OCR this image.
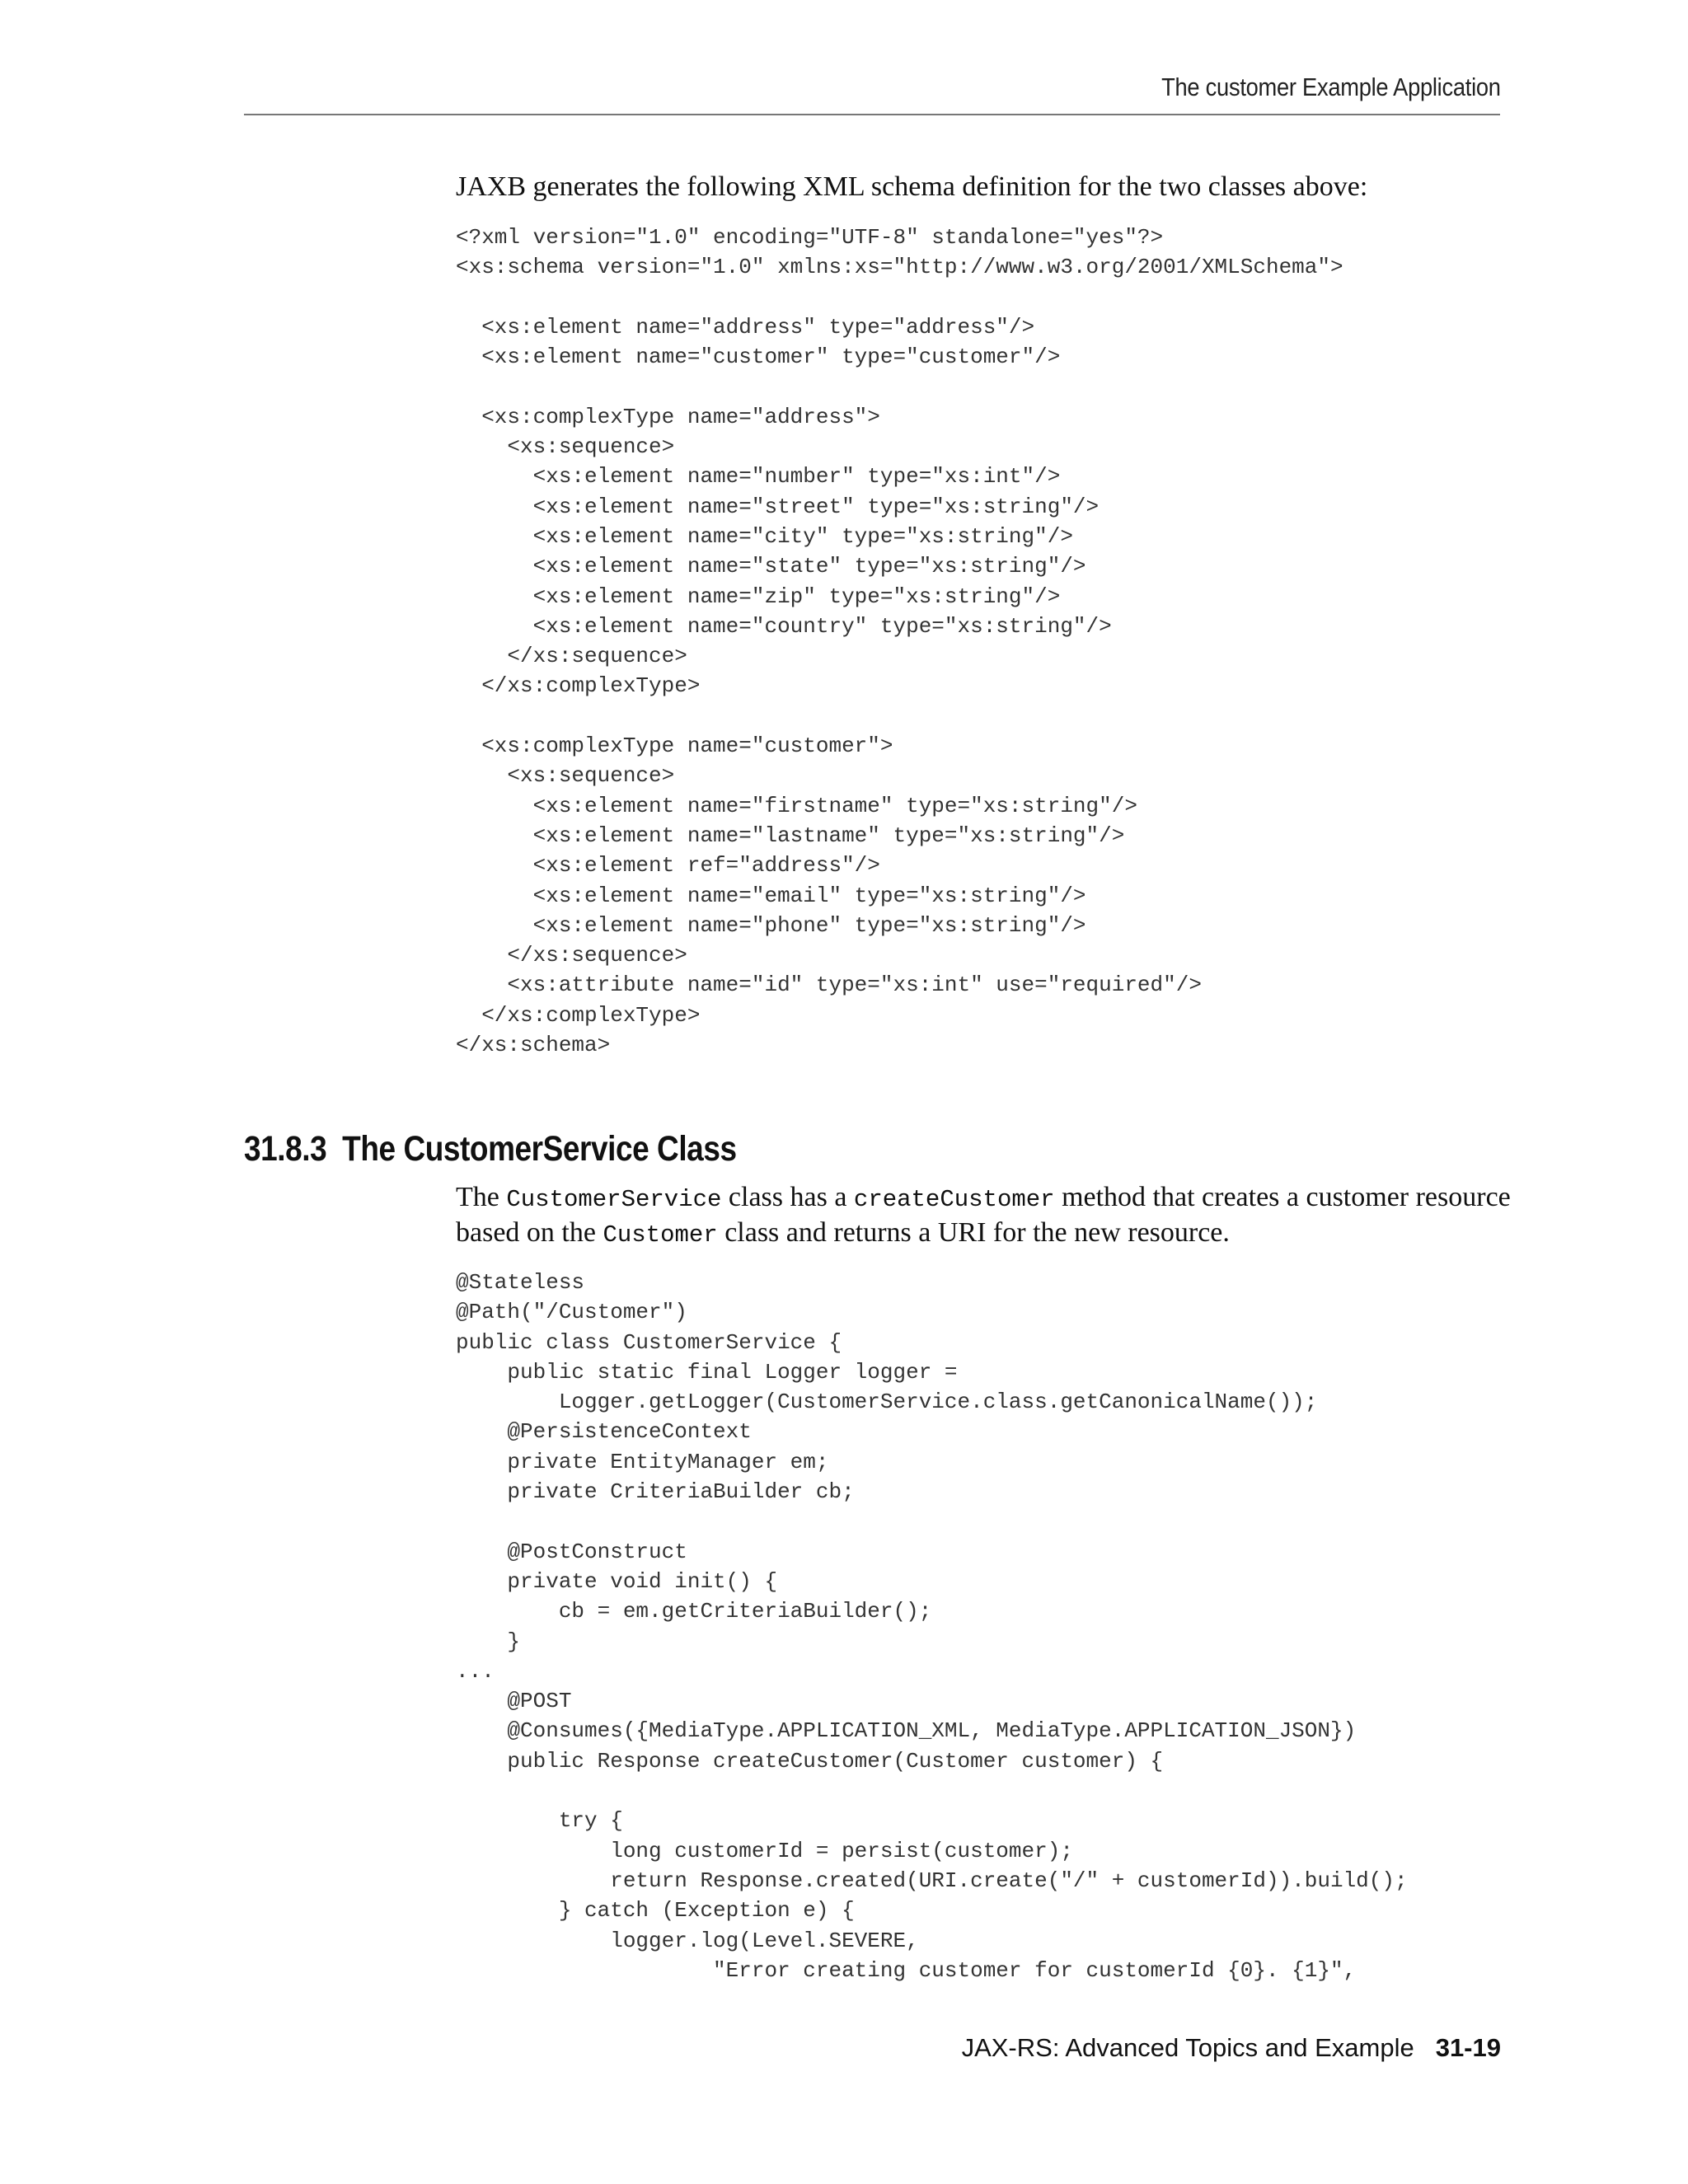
The customer Example Application

JAXB generates the following XML schema definition for the two classes above:

<?xml version="1.0" encoding="UTF-8" standalone="yes"?>
<xs:schema version="1.0" xmlns:xs="http://www.w3.org/2001/XMLSchema">

<xs:element name="address" type="address"/>
<xs:element name="customer" type="customer"/>

<xs:complexType name="address">
<xs:sequence>
<xs:element name="number" type="xs:int"/>
<xs:element name="street" type="xs:string"/>
<xs:element name="city" type="xs:string"/>
<xs:element name="state" type="xs:string"/>
<xs:element name="zip" type="xs:string"/>
<xs:element name="country" type="xs:string"/>
</xs:sequence>
</xs:complexType>

<xs:complexType name="customer">
<xs:sequence>
<xs:element name="firstname" type="xs:string"/>
<xs:element name="lastname" type="xs:string"/>
<xs:element ref="address"/>
<xs:element name="email" type="xs:string"/>
<xs:element name="phone" type="xs:string"/>
</xs:sequence>
<xs:attribute name="id" type="xs:int" use="required"/>
</xs:complexType>
</xs:schema>
31.8.3 The CustomerService Class

The CustomerService class has a createCustomer method that creates a customer resource based on the Customer class and returns a URI for the new resource.

@Stateless
@Path("/Customer")
public class CustomerService {
public static final Logger logger =
Logger.getLogger(CustomerService.class.getCanonicalName());
@PersistenceContext
private EntityManager em;
private CriteriaBuilder cb;

@PostConstruct
private void init() {
cb = em.getCriteriaBuilder();
}
...
@POST
@Consumes({MediaType.APPLICATION_XML, MediaType.APPLICATION_JSON})
public Response createCustomer(Customer customer) {

try {
long customerId = persist(customer);
return Response.created(URI.create("/" + customerId)).build();
} catch (Exception e) {
logger.log(Level.SEVERE,
"Error creating customer for customerId {0}. {1}",
JAX-RS: Advanced Topics and Example 31-19
